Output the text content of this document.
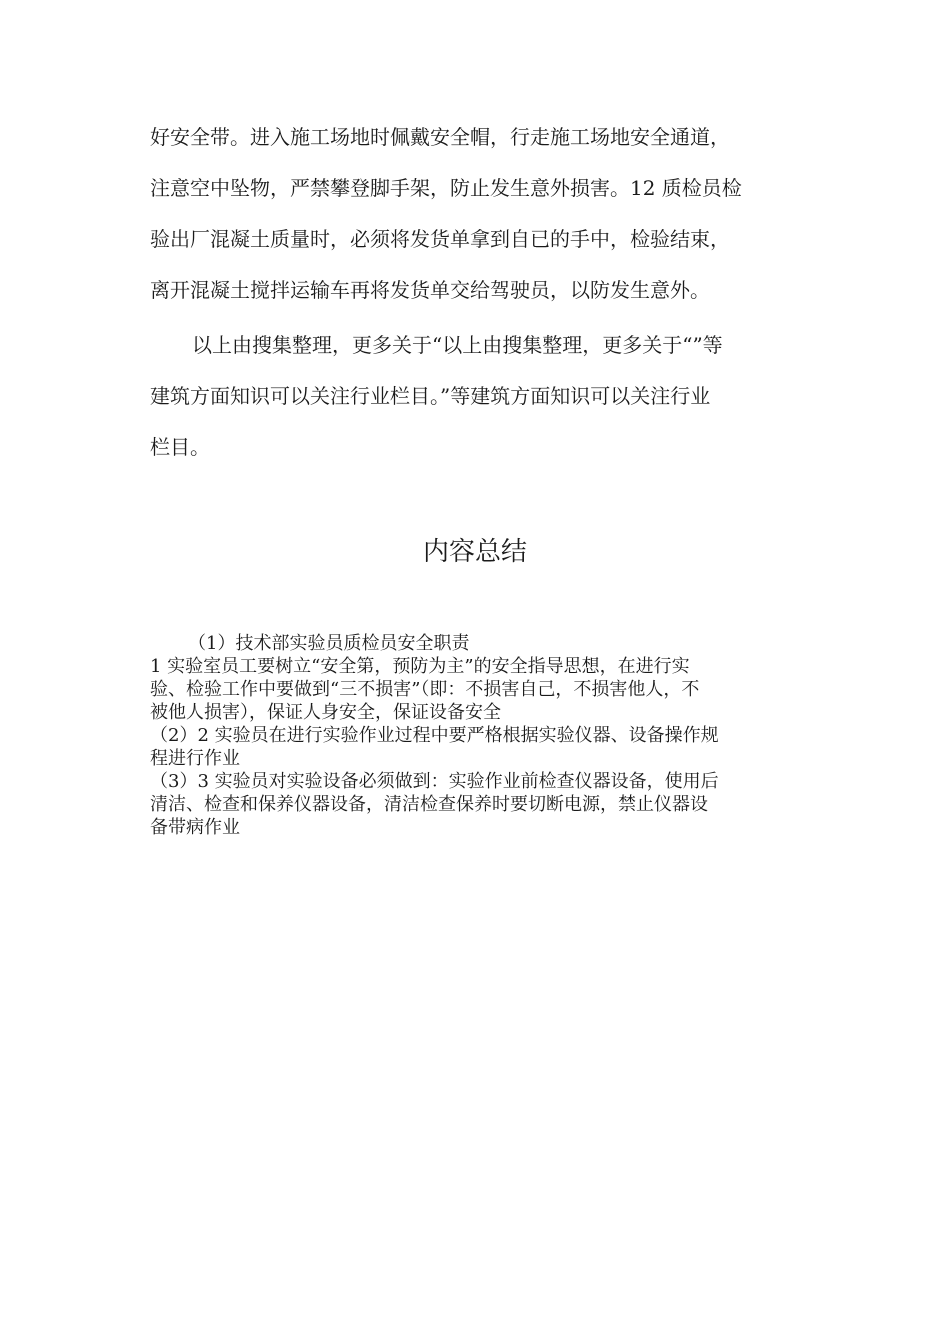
好安全带。进入施工场地时佩戴安全帽，行走施工场地安全通道，
注意空中坠物，严禁攀登脚手架，防止发生意外损害。12 质检员检
验出厂混凝土质量时，必须将发货单拿到自已的手中，检验结束，
离开混凝土搅拌运输车再将发货单交给驾驶员，以防发生意外。

以上由搜集整理，更多关于“以上由搜集整理，更多关于“”等
建筑方面知识可以关注行业栏目。”等建筑方面知识可以关注行业
栏目。

内容总结
（1）技术部实验员质检员安全职责
1 实验室员工要树立“安全第，预防为主”的安全指导思想，在进行实
验、检验工作中要做到“三不损害”（即：不损害自己，不损害他人，不
被他人损害），保证人身安全，保证设备安全
（2）2 实验员在进行实验作业过程中要严格根据实验仪器、设备操作规
程进行作业
（3）3 实验员对实验设备必须做到：实验作业前检查仪器设备，使用后
清洁、检查和保养仪器设备，清洁检查保养时要切断电源，禁止仪器设
备带病作业
